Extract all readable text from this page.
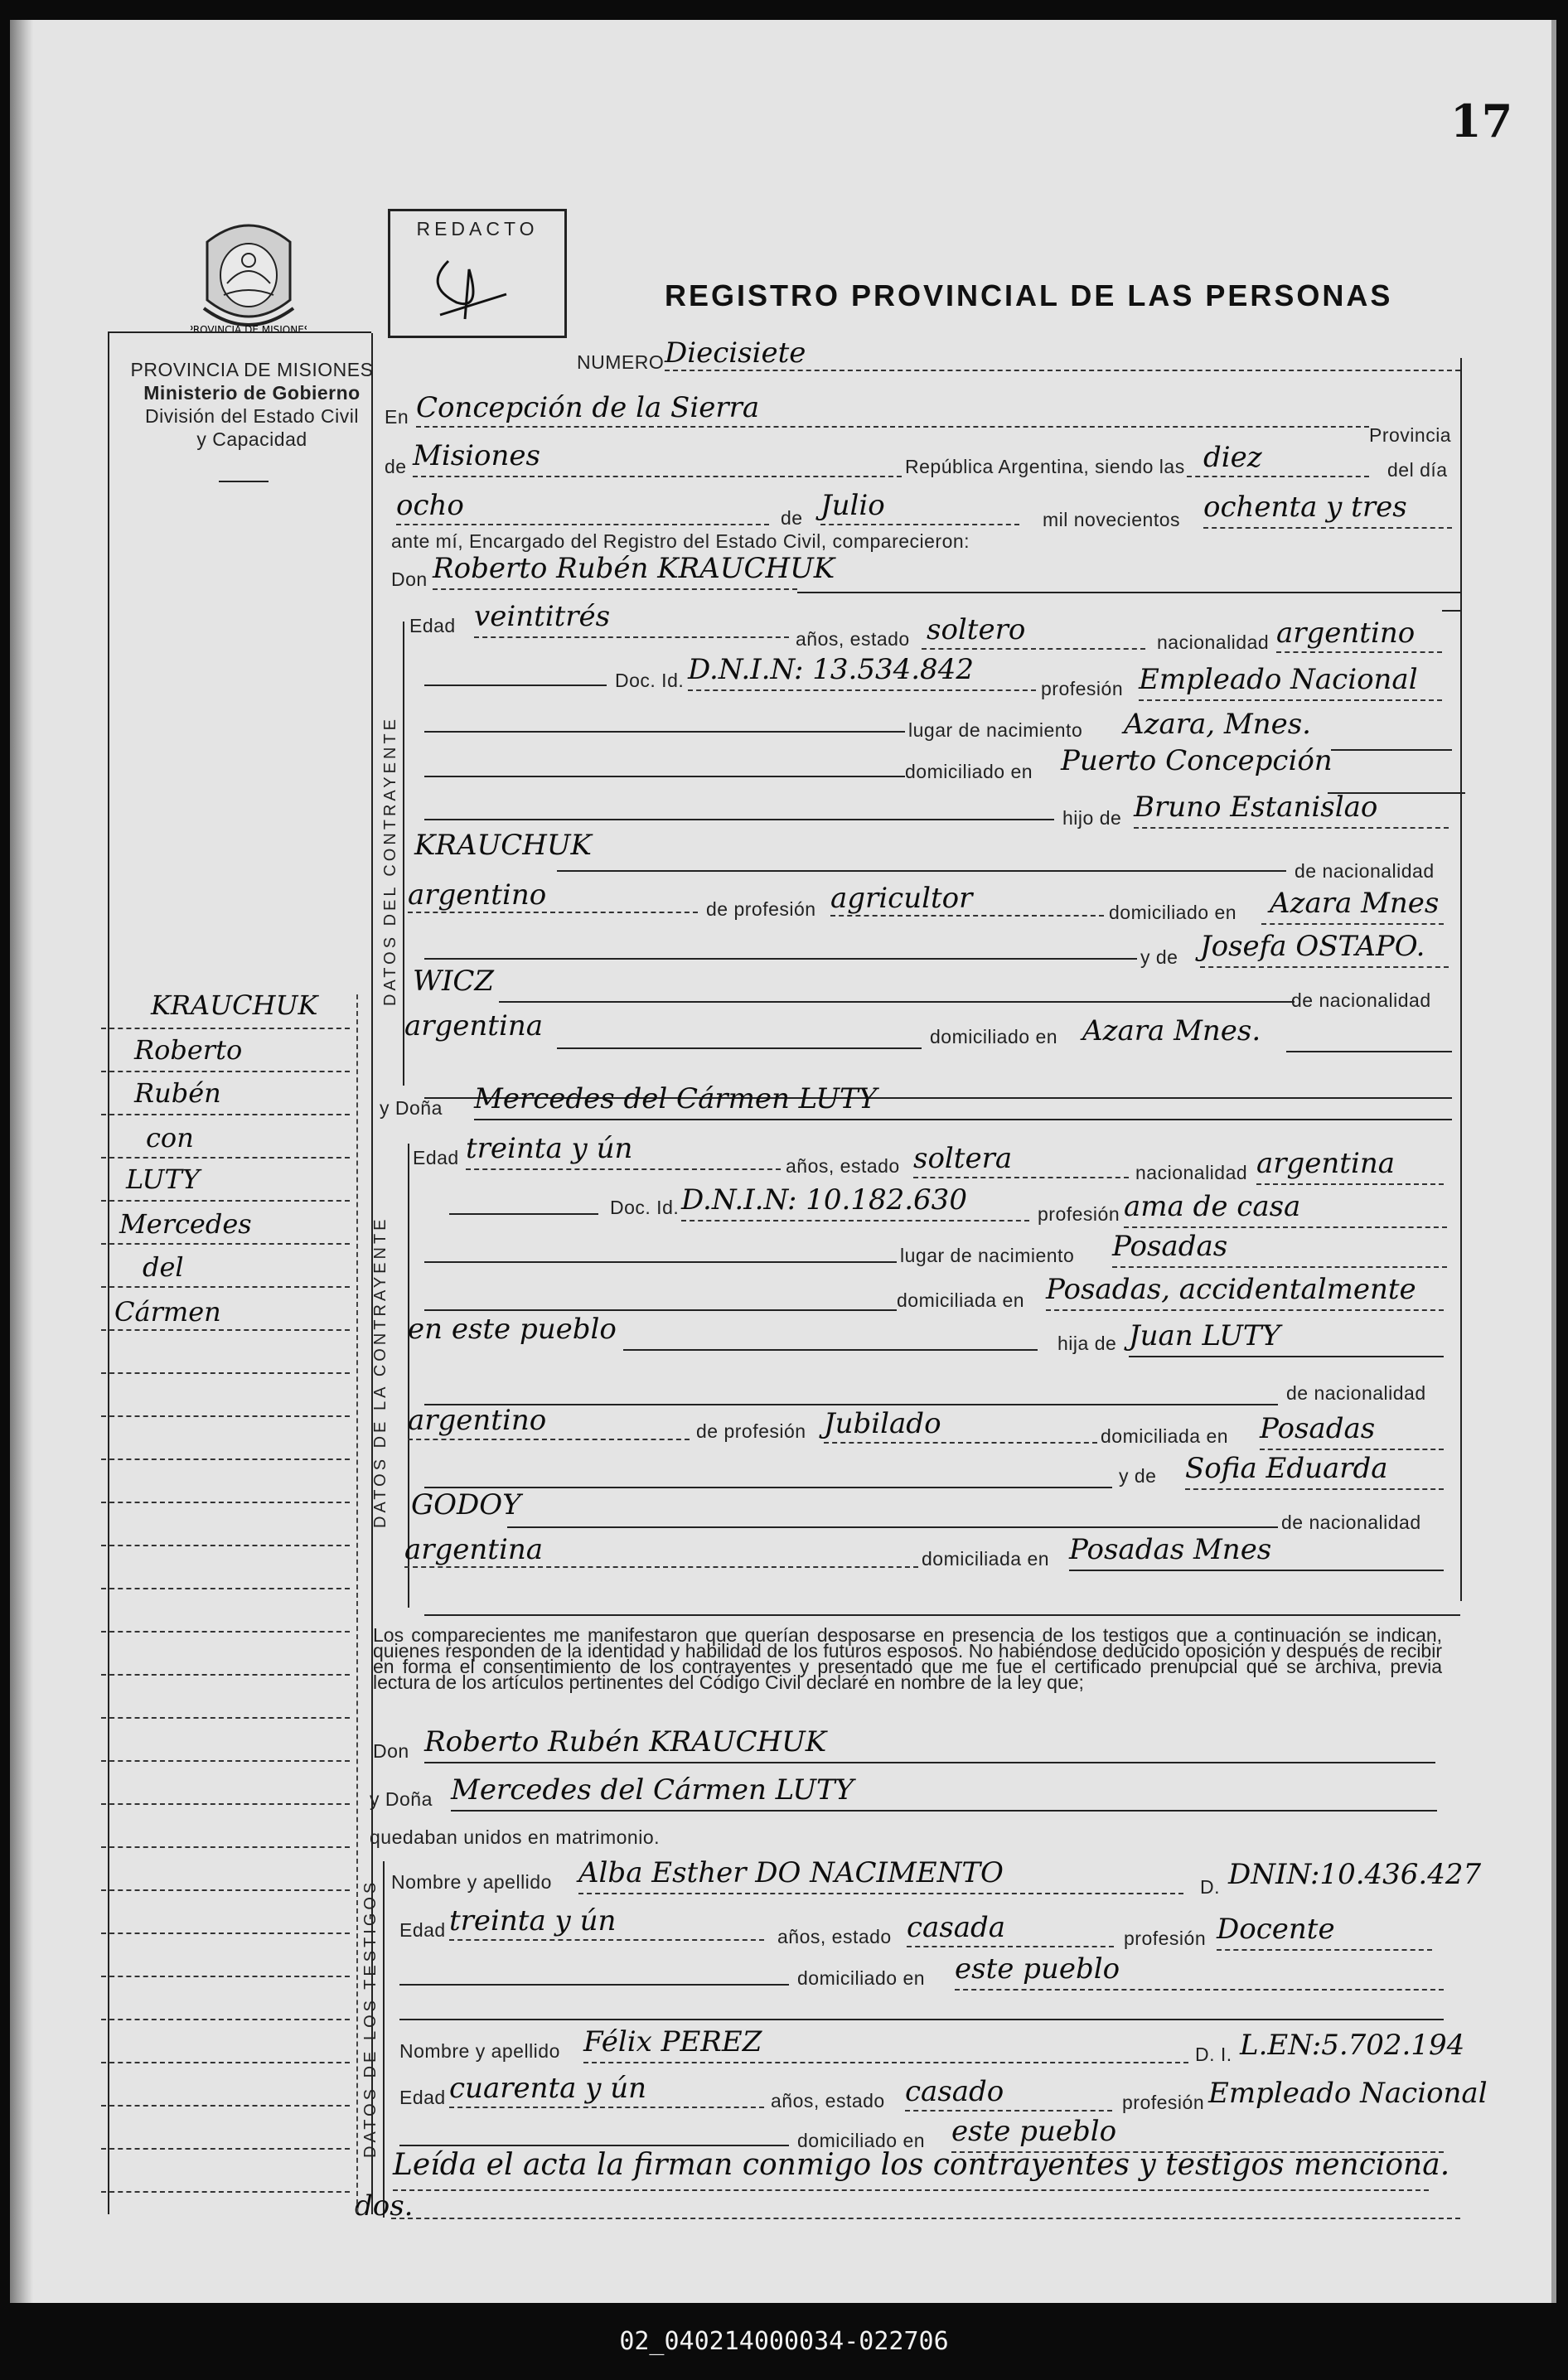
17
PROVINCIA DE MISIONES
PROVINCIA DE MISIONES
Ministerio de Gobierno
División del Estado Civil
y Capacidad
REDACTO
REGISTRO PROVINCIAL DE LAS PERSONAS
NUMERO Diecisiete
En Concepción de la Sierra
Provincia
de Misiones	República Argentina, siendo las diez	del día
ocho	de Julio	mil novecientos ochenta y tres
ante mí, Encargado del Registro del Estado Civil, comparecieron:
Don Roberto Rubén KRAUCHUK
DATOS DEL CONTRAYENTE
Edad veintitrés
años, estado soltero	nacionalidad argentino
Doc. Id. D.N.I.N: 13.534.842
profesión Empleado Nacional
lugar de nacimiento Azara, Mnes.
domiciliado en Puerto Concepción
hijo de Bruno Estanislao
KRAUCHUK
de nacionalidad
argentino	de profesión agricultor	domiciliado en Azara Mnes
y de Josefa OSTAPO.
WICZ
de nacionalidad
argentina	domiciliado en Azara Mnes.
y Doña Mercedes del Cármen LUTY
DATOS DE LA CONTRAYENTE
Edad treinta y ún
años, estado soltera	nacionalidad argentina
Doc. Id. D.N.I.N: 10.182.630	profesión ama de casa
lugar de nacimiento Posadas
domiciliada en Posadas, accidentalmente
en este pueblo	hija de Juan LUTY
de nacionalidad
argentino	de profesión Jubilado	domiciliada en Posadas
y de Sofia Eduarda
GODOY
de nacionalidad
argentina	domiciliada en Posadas Mnes
Los comparecientes me manifestaron que querían desposarse en presencia de los testigos que a continuación se indican, quienes responden de la identidad y habilidad de los futuros esposos. No habiéndose deducido oposición y después de recibir en forma el consentimiento de los contrayentes y presentado que me fue el certificado prenupcial que se archiva, previa lectura de los artículos pertinentes del Código Civil declaré en nombre de la ley que;
Don Roberto Rubén KRAUCHUK
y Doña Mercedes del Cármen LUTY
quedaban unidos en matrimonio.
DATOS DE LOS TESTIGOS Nombre y apellido Alba Esther DO NACIMENTO	D. DNIN:10.436.427
Edad treinta y ún	años, estado casada	profesión Docente
domiciliado en este pueblo
Nombre y apellido Félix PEREZ	D. I. L.EN:5.702.194
Edad cuarenta y ún	años, estado casado	profesión Empleado Nacional
domiciliado en este pueblo
Leída el acta la firman conmigo los contrayentes y testigos menciona.
dos.
KRAUCHUK
Roberto
Rubén
con
LUTY
Mercedes
del
Cármen
02_040214000034-022706
